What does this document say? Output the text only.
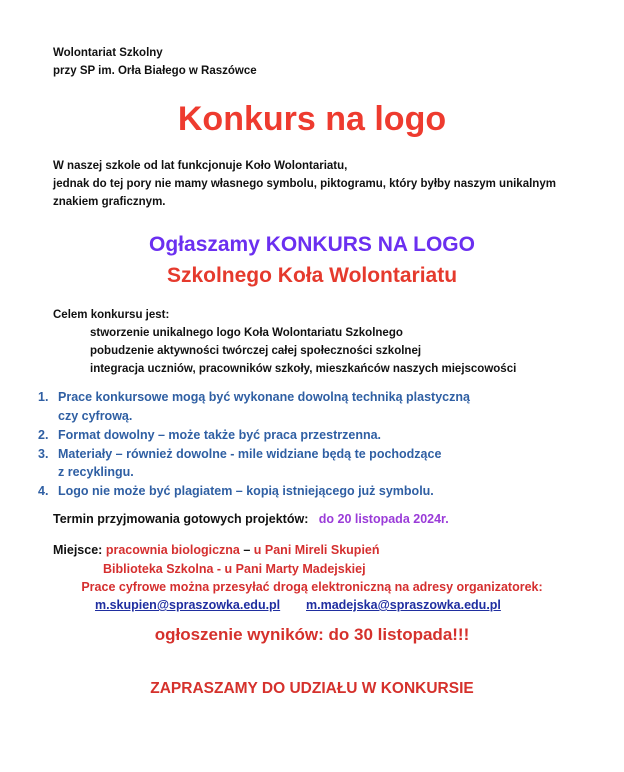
Wolontariat Szkolny
przy SP im. Orła Białego w Raszówce
Konkurs na logo
W naszej szkole od lat funkcjonuje Koło Wolontariatu,
jednak do tej pory nie mamy własnego symbolu, piktogramu, który byłby naszym unikalnym
znakiem graficznym.
Ogłaszamy KONKURS NA LOGO
Szkolnego Koła Wolontariatu
Celem konkursu jest:
stworzenie unikalnego logo Koła Wolontariatu Szkolnego
pobudzenie aktywności twórczej całej społeczności szkolnej
integracja uczniów, pracowników szkoły, mieszkańców naszych miejscowości
1. Prace konkursowe mogą być wykonane dowolną techniką plastyczną
czy cyfrową.
2. Format dowolny – może także być praca przestrzenna.
3. Materiały – również dowolne - mile widziane będą te pochodzące
z recyklingu.
4. Logo nie może być plagiatem – kopią istniejącego już symbolu.
Termin przyjmowania gotowych projektów: do 20 listopada 2024r.
Miejsce: pracownia biologiczna – u Pani Mireli Skupień
Biblioteka Szkolna - u Pani Marty Madejskiej
Prace cyfrowe można przesyłać drogą elektroniczną na adresy organizatorek:
m.skupien@spraszowka.edu.pl m.madejska@spraszowka.edu.pl
ogłoszenie wyników: do 30 listopada!!!
ZAPRASZAMY DO UDZIAŁU W KONKURSIE
